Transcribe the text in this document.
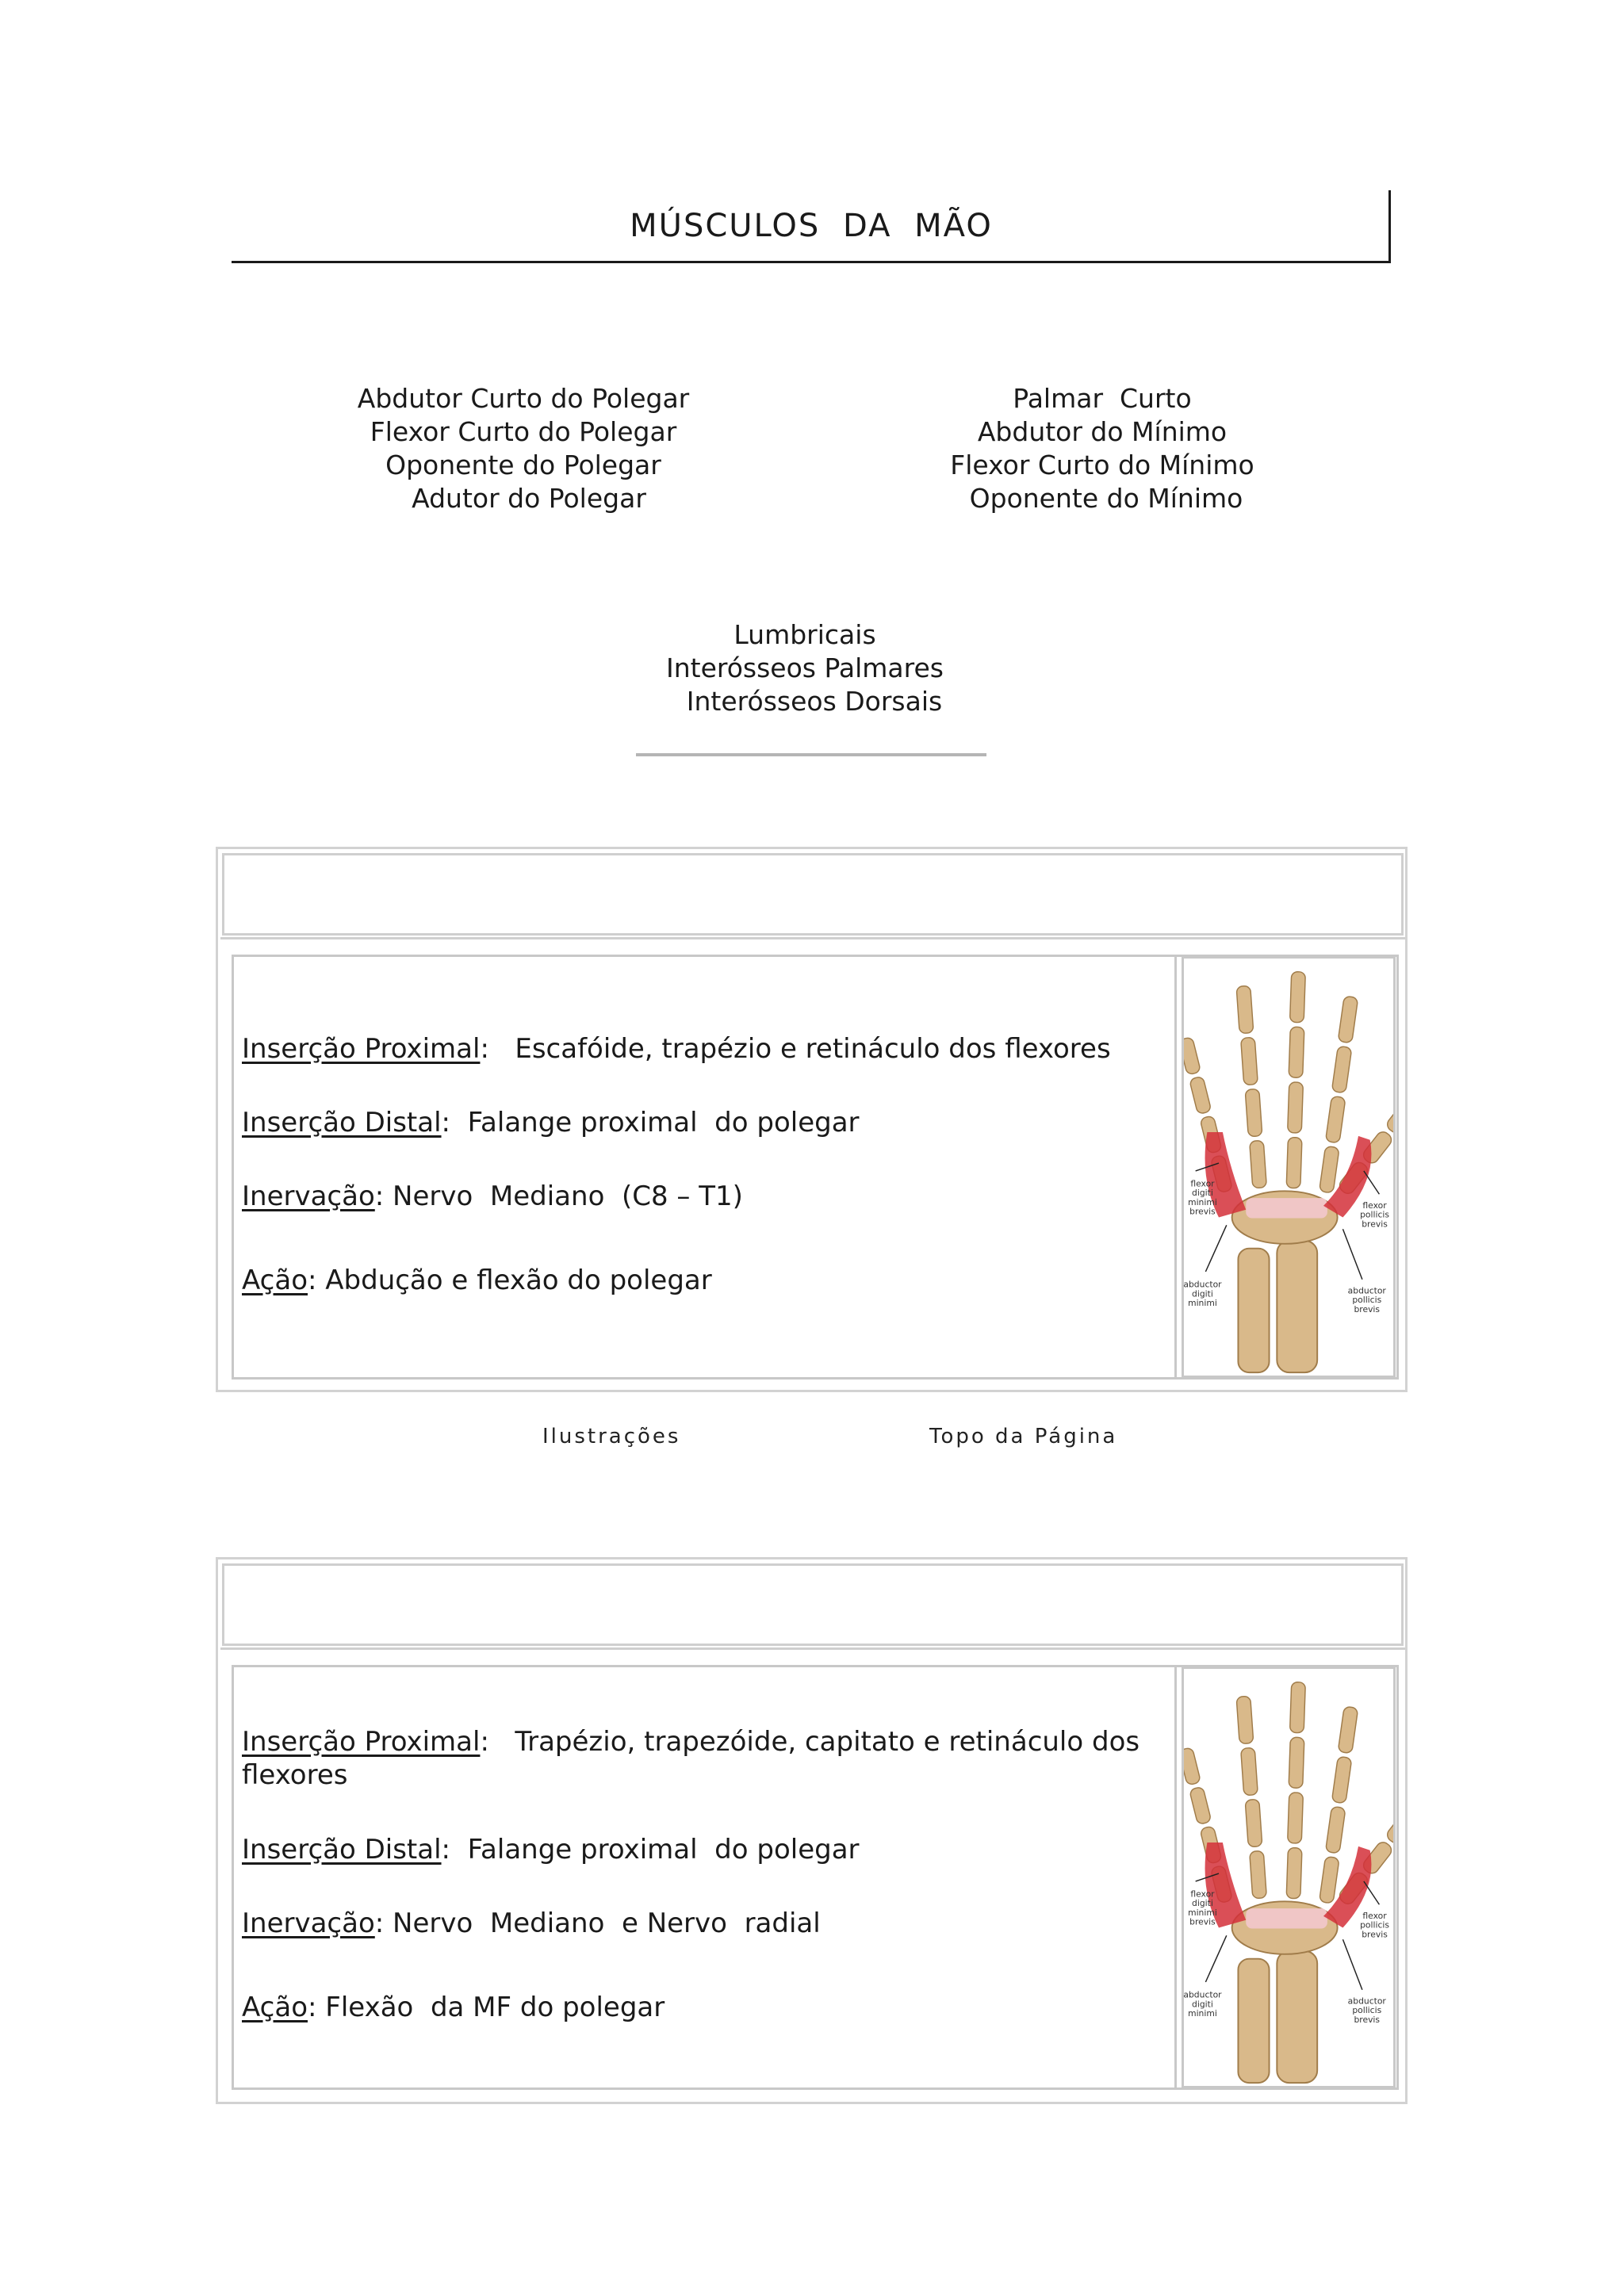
MÚSCULOS DA MÃO
Abdutor Curto do Polegar
Flexor Curto do Polegar
Oponente do Polegar
Adutor do Polegar
Palmar  Curto
Abdutor do Mínimo
Flexor Curto do Mínimo
Oponente do Mínimo
Lumbricais
Interósseos Palmares
Interósseos Dorsais
flexor digiti minimi brevis
abductor digiti minimi
flexor pollicis brevis
abductor pollicis brevis
Inserção Proximal:   Escafóide, trapézio e retináculo dos flexores
Inserção Distal:  Falange proximal  do polegar
Inervação: Nervo  Mediano  (C8 – T1)
Ação: Abdução e flexão do polegar
Ilustrações	Topo da Página
flexor digiti minimi brevis
abductor digiti minimi
flexor pollicis brevis
abductor pollicis brevis
Inserção Proximal:   Trapézio, trapezóide, capitato e retináculo dos flexores
Inserção Distal:  Falange proximal  do polegar
Inervação: Nervo  Mediano  e Nervo  radial
Ação: Flexão  da MF do polegar
